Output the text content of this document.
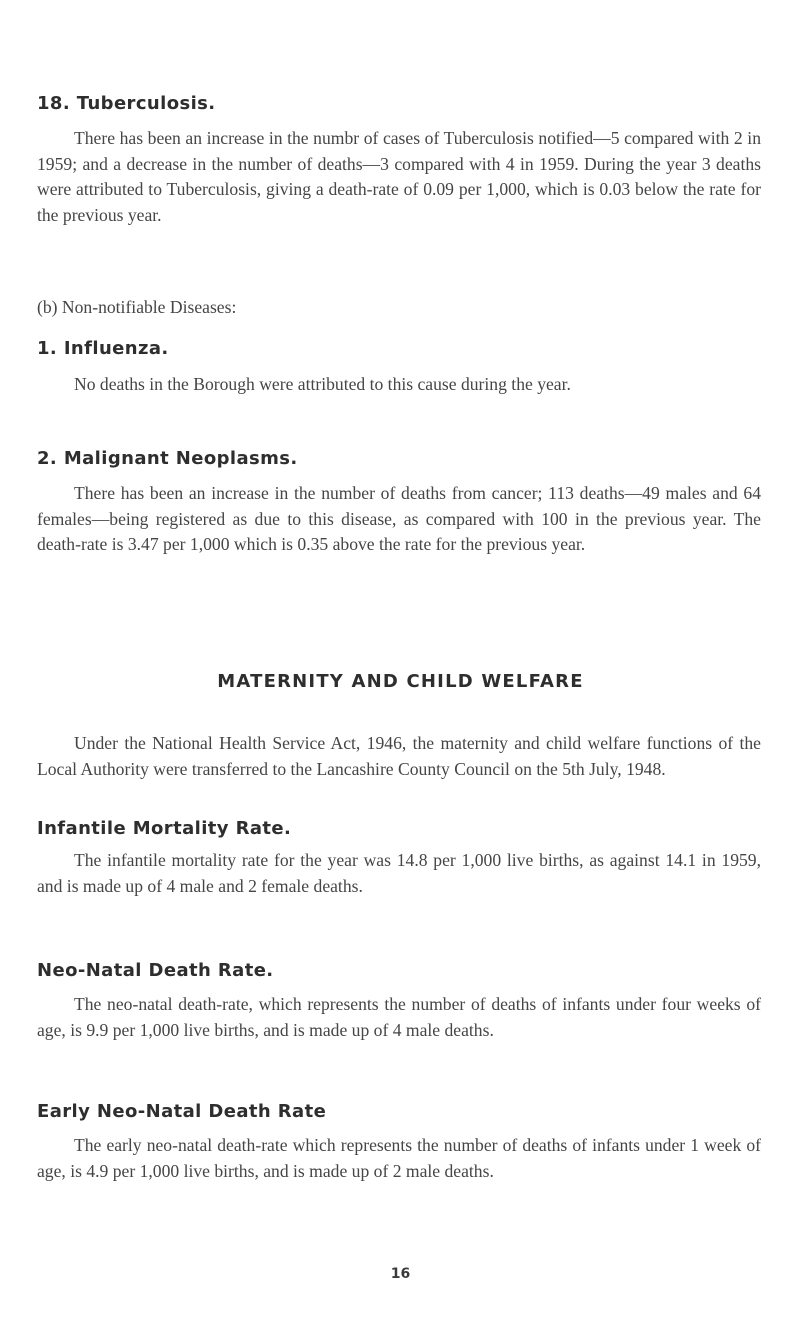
18. Tuberculosis.

There has been an increase in the numbr of cases of Tuberculosis notified—5 compared with 2 in 1959; and a decrease in the number of deaths—3 compared with 4 in 1959. During the year 3 deaths were attributed to Tuberculosis, giving a death-rate of 0.09 per 1,000, which is 0.03 below the rate for the previous year.

(b) Non-notifiable Diseases:
1. Influenza.

No deaths in the Borough were attributed to this cause during the year.

2. Malignant Neoplasms.

There has been an increase in the number of deaths from cancer; 113 deaths—49 males and 64 females—being registered as due to this disease, as compared with 100 in the previous year. The death-rate is 3.47 per 1,000 which is 0.35 above the rate for the previous year.

MATERNITY AND CHILD WELFARE

Under the National Health Service Act, 1946, the maternity and child welfare functions of the Local Authority were transferred to the Lancashire County Council on the 5th July, 1948.

Infantile Mortality Rate.

The infantile mortality rate for the year was 14.8 per 1,000 live births, as against 14.1 in 1959, and is made up of 4 male and 2 female deaths.

Neo-Natal Death Rate.

The neo-natal death-rate, which represents the number of deaths of infants under four weeks of age, is 9.9 per 1,000 live births, and is made up of 4 male deaths.

Early Neo-Natal Death Rate

The early neo-natal death-rate which represents the number of deaths of infants under 1 week of age, is 4.9 per 1,000 live births, and is made up of 2 male deaths.

16
